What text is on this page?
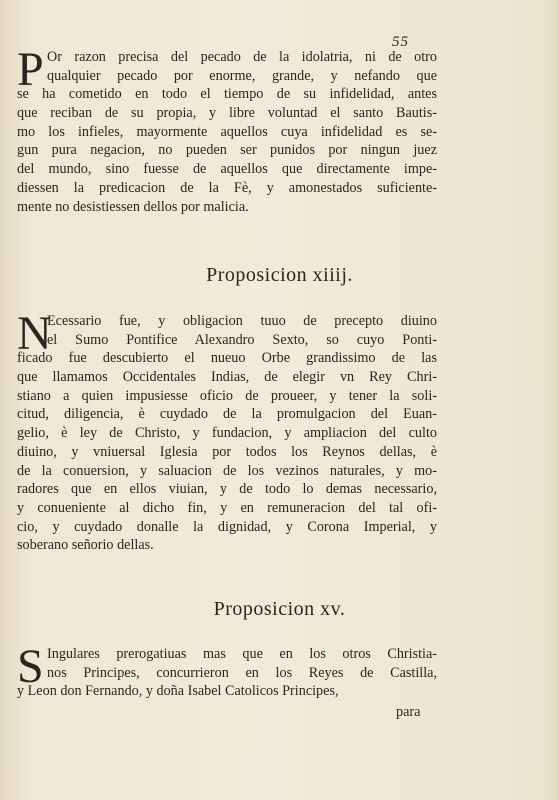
55
P Or razon precisa del pecado de la idolatria, ni de otro
qualquier pecado por enorme, grande, y nefando que
se ha cometido en todo el tiempo de su infidelidad, antes
que reciban de su propia, y libre voluntad el santo Bautis-
mo los infieles, mayormente aquellos cuya infidelidad es se-
gun pura negacion, no pueden ser punidos por ningun juez
del mundo, sino fuesse de aquellos que directamente impe-
diessen la predicacion de la Fè, y amonestados suficiente-
mente no desistiessen dellos por malicia.
Proposicion xiiij.
N
Ecessario fue, y obligacion tuuo de precepto diuino
el Sumo Pontifice Alexandro Sexto, so cuyo Ponti-
ficado fue descubierto el nueuo Orbe grandissimo de las
que llamamos Occidentales Indias, de elegir vn Rey Chri-
stiano a quien impusiesse oficio de proueer, y tener la soli-
citud, diligencia, è cuydado de la promulgacion del Euan-
gelio, è ley de Christo, y fundacion, y ampliacion del culto
diuino, y vniuersal Iglesia por todos los Reynos dellas, è
de la conuersion, y saluacion de los vezinos naturales, y mo-
radores que en ellos viuian, y de todo lo demas necessario,
y conueniente al dicho fin, y en remuneracion del tal ofi-
cio, y cuydado donalle la dignidad, y Corona Imperial, y
soberano señorio dellas.
Proposicion xv.
S Ingulares prerogatiuas mas que en los otros Christia-
nos Principes, concurrieron en los Reyes de Castilla,
y Leon don Fernando, y doña Isabel Catolicos Principes,
para
